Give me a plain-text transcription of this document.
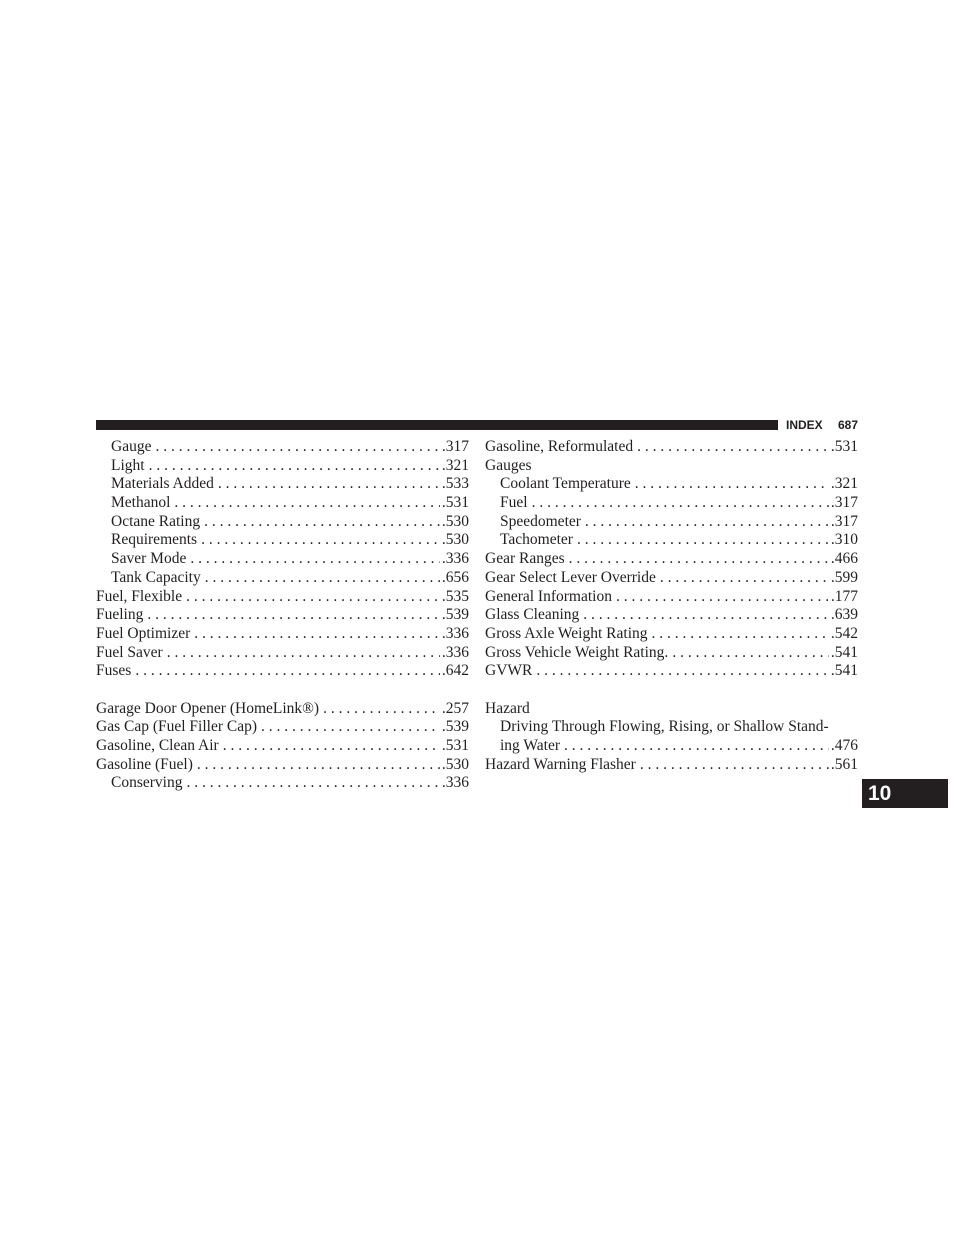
INDEX 687
Gauge . . .	.317
Light . . .	.321
Materials Added . . .	.533
Methanol . . .	.531
Octane Rating . . .	.530
Requirements . . .	.530
Saver Mode . . .	.336
Tank Capacity . . .	.656
Fuel, Flexible . . .	.535
Fueling . . .	.539
Fuel Optimizer . . .	.336
Fuel Saver . . .	.336
Fuses . . .	.642
Garage Door Opener (HomeLink®) . . .	.257
Gas Cap (Fuel Filler Cap) . . .	.539
Gasoline, Clean Air . . .	.531
Gasoline (Fuel) . . .	.530
Conserving . . .	.336
Gasoline, Reformulated . . .	.531
Gauges
Coolant Temperature . . .	.321
Fuel . . .	.317
Speedometer . . .	.317
Tachometer . . .	.310
Gear Ranges . . .	.466
Gear Select Lever Override . . .	.599
General Information . . .	.177
Glass Cleaning . . .	.639
Gross Axle Weight Rating . . .	.542
Gross Vehicle Weight Rating. . . .	.541
GVWR . . .	.541
Hazard
Driving Through Flowing, Rising, or Shallow Stand-
ing Water . . .	.476
Hazard Warning Flasher . . .	.561
10
